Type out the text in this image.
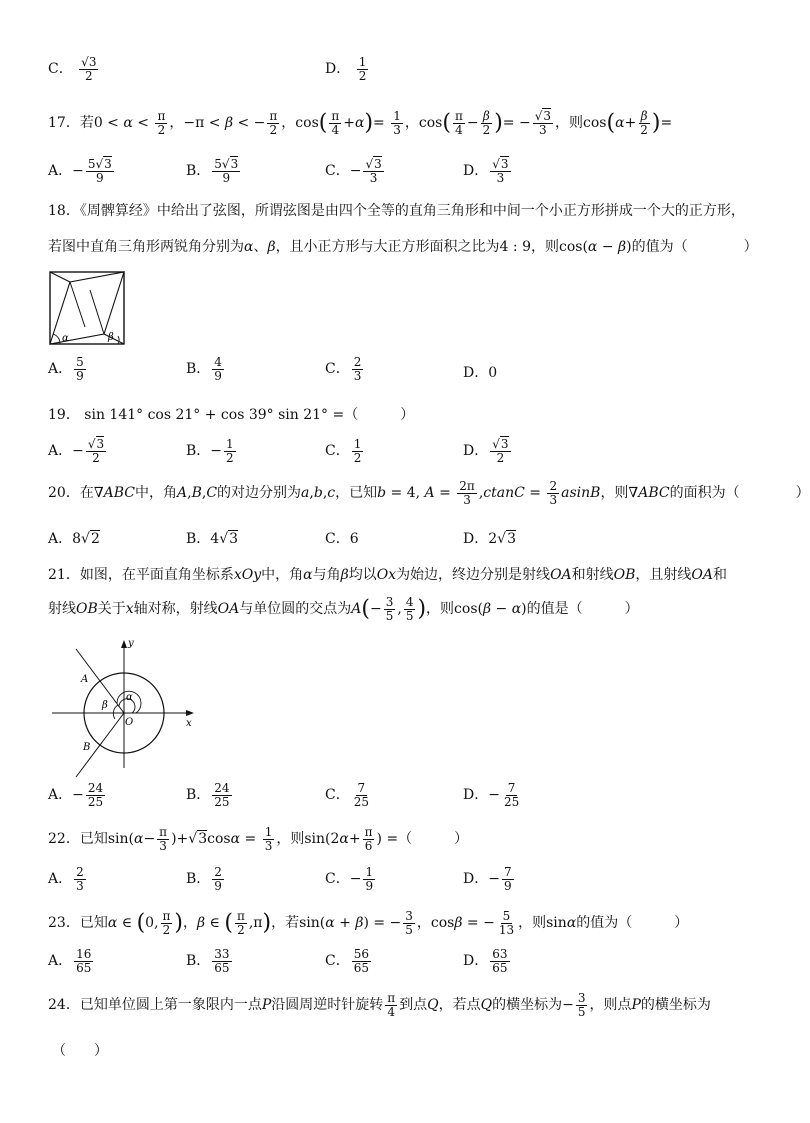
C． $\frac{√3}{2}$	D． $\frac{1}{2}$
17．若$0 < \alpha < \frac{\pi}{2}$ ，−π < β < − $\frac{\pi}{2}$ ，$\cos( \frac{\pi}{4} +\alpha)= \frac{1}{3}$ ，$\cos( \frac{\pi}{4} - \frac{\beta}{2}$ )= − $\frac{√3}{3}$ ，则$\cos(\alpha+ \frac{\beta}{2}$ )=
A．− $\frac{5√3}{9}$	B． $\frac{5√3}{9}$	C．− $\frac{√3}{3}$	D． $\frac{√3}{3}$
18．《周髀算经》中给出了弦图，所谓弦图是由四个全等的直角三角形和中间一个小正方形拼成一个大的正方形，
若图中直角三角形两锐角分别为α、β，且小正方形与大正方形面积之比为4 : 9，则cos(α − β)的值为（　　　　）
α	β
A． $\frac{5}{9}$	B． $\frac{4}{9}$	C． $\frac{2}{3}$	D．0
19． sin 141° cos 21° + cos 39° sin 21° =（　　　）
A．− $\frac{√3}{2}$	B．− $\frac{1}{2}$	C． $\frac{1}{2}$	D． $\frac{√3}{2}$
20．在∇ABC中，角A,B,C的对边分别为a,b,c，已知b = 4, $A = \frac{2\pi}{3} ,ctanC = \frac{2}{3}$ asinB，则∇ABC的面积为（　　　　）
A．8√2	B．4√3	C．6	D．2√3
21．如图，在平面直角坐标系xOy中，角α与角β均以Ox为始边，终边分别是射线OA和射线OB，且射线OA和
射线OB关于x轴对称，射线OA与单位圆的交点为$A(- \frac{3}{5}$ , $\frac{4}{5}$ )，则cos(β − α)的值是（　　　）
y
x
O
A
B
α
β
A．− $\frac{24}{25}$	B． $\frac{24}{25}$	C． $\frac{7}{25}$	D．− $\frac{7}{25}$
22．已知$\sin(\alpha- \frac{\pi}{3} )+√3\cos\alpha = \frac{1}{3}$ ，则$\sin(2\alpha+ \frac{\pi}{6}$ ) =（　　　）
A． $\frac{2}{3}$	B． $\frac{2}{9}$	C．− $\frac{1}{9}$	D．− $\frac{7}{9}$
23．已知α ∈ (0, $\frac{\pi}{2}$ )，β ∈ ( $\frac{\pi}{2} ,\pi$)，若sin(α + β) = − $\frac{3}{5}$ ，cosβ = − $\frac{5}{13}$ ，则sinα的值为（　　　）
A． $\frac{16}{65}$	B． $\frac{33}{65}$	C． $\frac{56}{65}$	D． $\frac{63}{65}$
24．已知单位圆上第一象限内一点P沿圆周逆时针旋转 $\frac{\pi}{4}$ 到点Q，若点Q的横坐标为− $\frac{3}{5}$ ，则点P的横坐标为
（　　）
